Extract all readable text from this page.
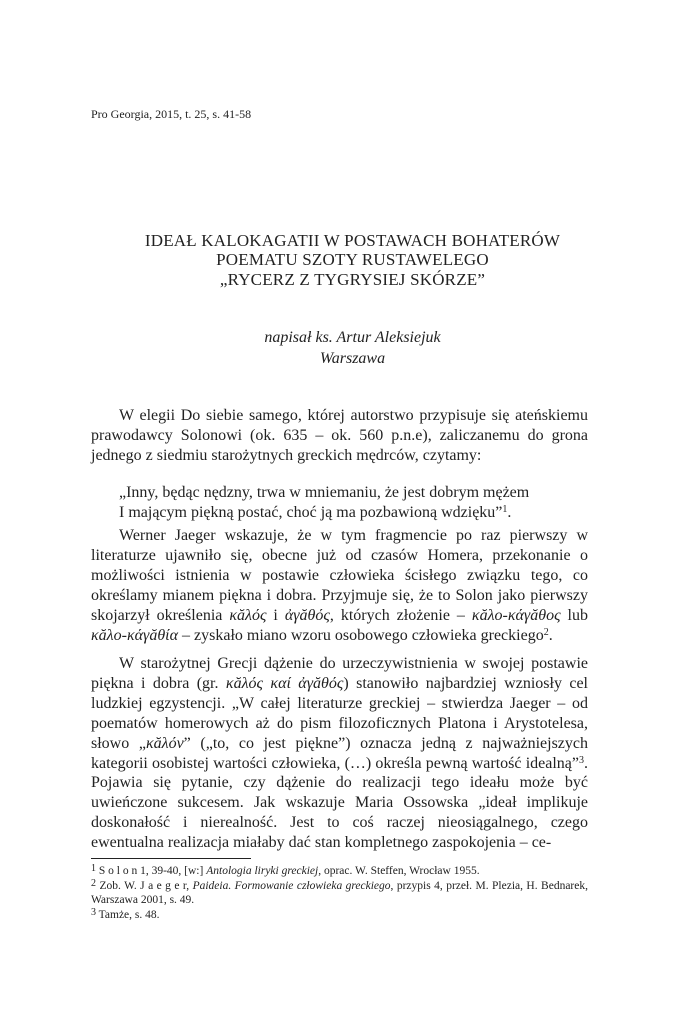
Pro Georgia, 2015, t. 25, s. 41-58
IDEAŁ KALOKAGATII W POSTAWACH BOHATERÓW
POEMATU SZOTY RUSTAWELEGO
„RYCERZ Z TYGRYSIEJ SKÓRZE”
napisał ks. Artur Aleksiejuk
Warszawa
W elegii Do siebie samego, której autorstwo przypisuje się ateńskiemu prawodawcy Solonowi (ok. 635 – ok. 560 p.n.e), zaliczanemu do grona jednego z siedmiu starożytnych greckich mędrców, czytamy:
„Inny, będąc nędzny, trwa w mniemaniu, że jest dobrym mężem
I mającym piękną postać, choć ją ma pozbawioną wdzięku”$^1$.
Werner Jaeger wskazuje, że w tym fragmencie po raz pierwszy w literaturze ujawniło się, obecne już od czasów Homera, przekonanie o możliwości istnienia w postawie człowieka ścisłego związku tego, co określamy mianem piękna i dobra. Przyjmuje się, że to Solon jako pierwszy skojarzył określenia κăλός i ἀγăθός, których złożenie – κăλο-κάγăθος lub κăλο-κάγăθία – zyskało miano wzoru osobowego człowieka greckiego$^2$.
W starożytnej Grecji dążenie do urzeczywistnienia w swojej postawie piękna i dobra (gr. κăλός καί ἀγăθός) stanowiło najbardziej wzniosły cel ludzkiej egzystencji. „W całej literaturze greckiej – stwierdza Jaeger – od poematów homerowych aż do pism filozoficznych Platona i Arystotelesa, słowo „κăλόν” („to, co jest piękne”) oznacza jedną z najważniejszych kategorii osobistej wartości człowieka, (…) określa pewną wartość idealną”$^3$. Pojawia się pytanie, czy dążenie do realizacji tego ideału może być uwieńczone sukcesem. Jak wskazuje Maria Ossowska „ideał implikuje doskonałość i nierealność. Jest to coś raczej nieosiągalnego, czego ewentualna realizacja miałaby dać stan kompletnego zaspokojenia – ce-
$^1$ S o l o n 1, 39-40, [w:] Antologia liryki greckiej, oprac. W. Steffen, Wrocław 1955.
$^2$ Zob. W. J a e g e r, Paideia. Formowanie człowieka greckiego, przypis 4, przeł. M. Plezia, H. Bednarek, Warszawa 2001, s. 49.
$^3$ Tamże, s. 48.
